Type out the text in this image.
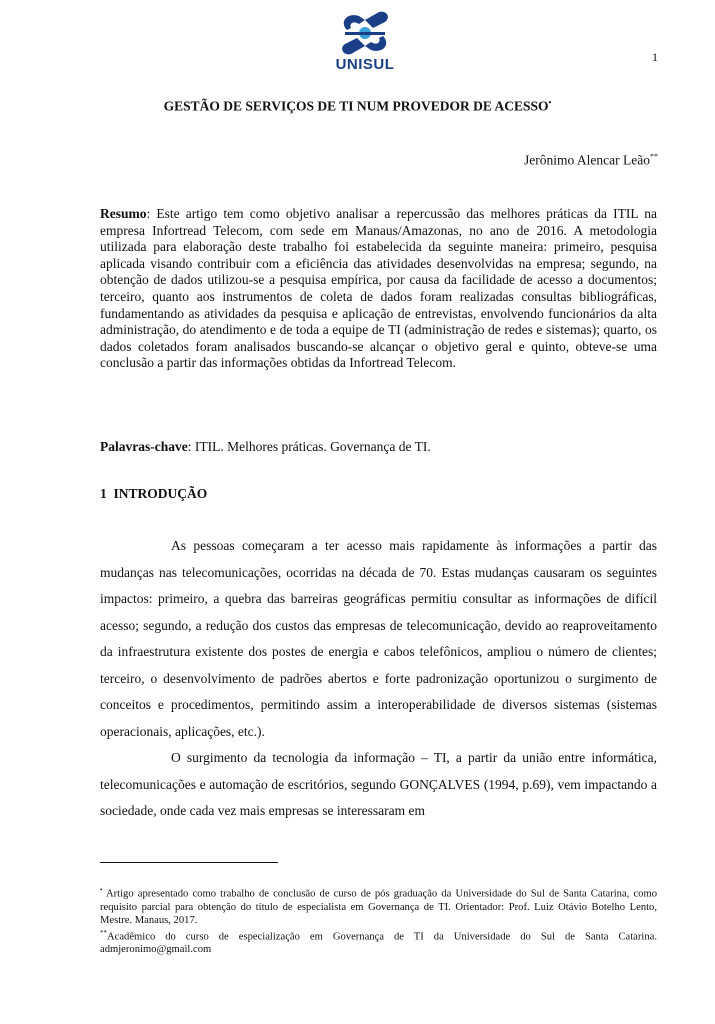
UNISUL	1
GESTÃO DE SERVIÇOS DE TI NUM PROVEDOR DE ACESSO•
Jerônimo Alencar Leão**
Resumo: Este artigo tem como objetivo analisar a repercussão das melhores práticas da ITIL na empresa Infortread Telecom, com sede em Manaus/Amazonas, no ano de 2016. A metodologia utilizada para elaboração deste trabalho foi estabelecida da seguinte maneira: primeiro, pesquisa aplicada visando contribuir com a eficiência das atividades desenvolvidas na empresa; segundo, na obtenção de dados utilizou-se a pesquisa empírica, por causa da facilidade de acesso a documentos; terceiro, quanto aos instrumentos de coleta de dados foram realizadas consultas bibliográficas, fundamentando as atividades da pesquisa e aplicação de entrevistas, envolvendo funcionários da alta administração, do atendimento e de toda a equipe de TI (administração de redes e sistemas); quarto, os dados coletados foram analisados buscando-se alcançar o objetivo geral e quinto, obteve-se uma conclusão a partir das informações obtidas da Infortread Telecom.
Palavras-chave: ITIL. Melhores práticas. Governança de TI.
1  INTRODUÇÃO

As pessoas começaram a ter acesso mais rapidamente às informações a partir das mudanças nas telecomunicações, ocorridas na década de 70. Estas mudanças causaram os seguintes impactos: primeiro, a quebra das barreiras geográficas permitiu consultar as informações de difícil acesso; segundo, a redução dos custos das empresas de telecomunicação, devido ao reaproveitamento da infraestrutura existente dos postes de energia e cabos telefônicos, ampliou o número de clientes; terceiro, o desenvolvimento de padrões abertos e forte padronização oportunizou o surgimento de conceitos e procedimentos, permitindo assim a interoperabilidade de diversos sistemas (sistemas operacionais, aplicações, etc.).

O surgimento da tecnologia da informação – TI, a partir da união entre informática, telecomunicações e automação de escritórios, segundo GONÇALVES (1994, p.69), vem impactando a sociedade, onde cada vez mais empresas se interessaram em

• Artigo apresentado como trabalho de conclusão de curso de pós graduação da Universidade do Sul de Santa Catarina, como requisito parcial para obtenção do título de especialista em Governança de TI. Orientador: Prof. Luiz Otávio Botelho Lento, Mestre. Manaus, 2017.

**Acadêmico do curso de especialização em Governança de TI da Universidade do Sul de Santa Catarina. admjeronimo@gmail.com
